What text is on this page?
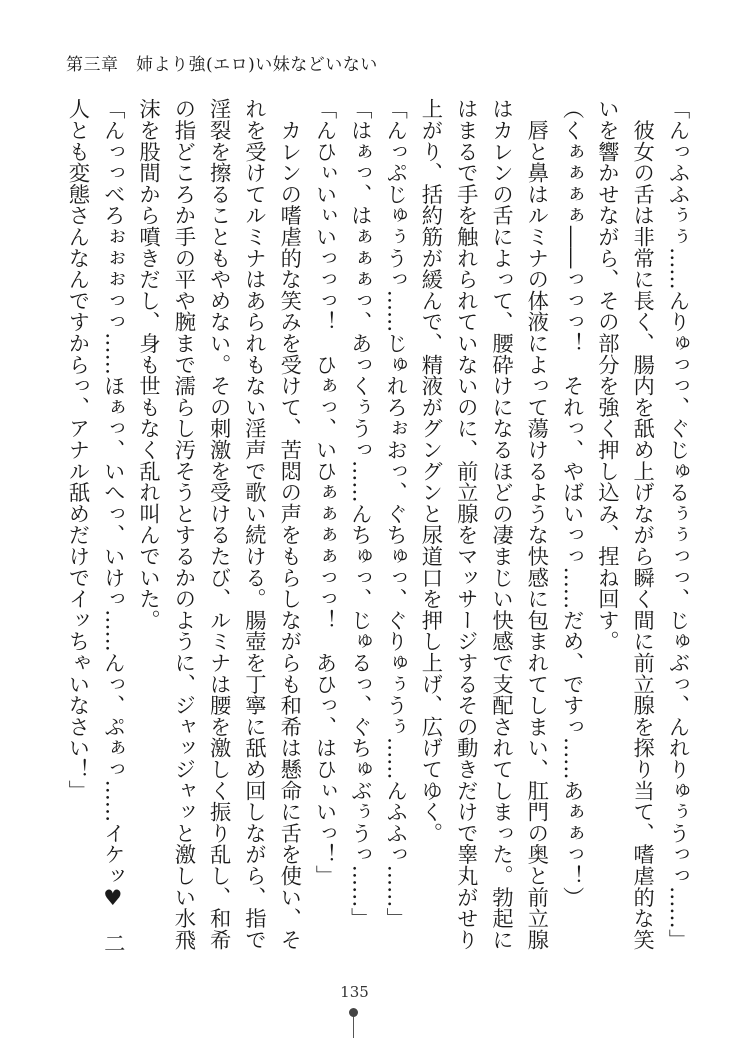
第三章　姉より強(エロ)い妹などいない
「んっふふぅぅ……んりゅっっ、ぐじゅるぅぅっっ、じゅぶっ、んれりゅぅうっっ……」
　彼女の舌は非常に長く、腸内を舐め上げながら瞬く間に前立腺を探り当て、嗜虐的な笑
いを響かせながら、その部分を強く押し込み、捏ね回す。
（くぁぁぁぁ――っっっ！　それっ、やばいっっ……だめ、ですっ……あぁぁっ！）
　唇と鼻はルミナの体液によって蕩けるような快感に包まれてしまい、肛門の奥と前立腺
はカレンの舌によって、腰砕けになるほどの凄まじい快感で支配されてしまった。勃起に
はまるで手を触れられていないのに、前立腺をマッサージするその動きだけで睾丸がせり
上がり、括約筋が緩んで、精液がグングンと尿道口を押し上げ、広げてゆく。
「んっぷじゅぅうっ……じゅれろぉおっ、ぐちゅっ、ぐりゅぅうぅ……んふふっ……」
「はぁっ、はぁぁぁっ、あっくぅうっ……んちゅっ、じゅるっ、ぐちゅぶぅうっ……」
「んひぃいぃいっっっ！　ひぁっ、いひぁぁぁぁっっ！　あひっ、はひぃいっ！」
　カレンの嗜虐的な笑みを受けて、苦悶の声をもらしながらも和希は懸命に舌を使い、そ
れを受けてルミナはあられもない淫声で歌い続ける。腸壺を丁寧に舐め回しながら、指で
淫裂を擦ることもやめない。その刺激を受けるたび、ルミナは腰を激しく振り乱し、和希
の指どころか手の平や腕まで濡らし汚そうとするかのように、ジャッジャッと激しい水飛
沫を股間から噴きだし、身も世もなく乱れ叫んでいた。
「んっっべろぉぉぉっっ……ほぁっ、いへっ、いけっ……んっ、ぷぁっ……イケッ♥　二
人とも変態さんなんですからっ、アナル舐めだけでイッちゃいなさい！」
135
